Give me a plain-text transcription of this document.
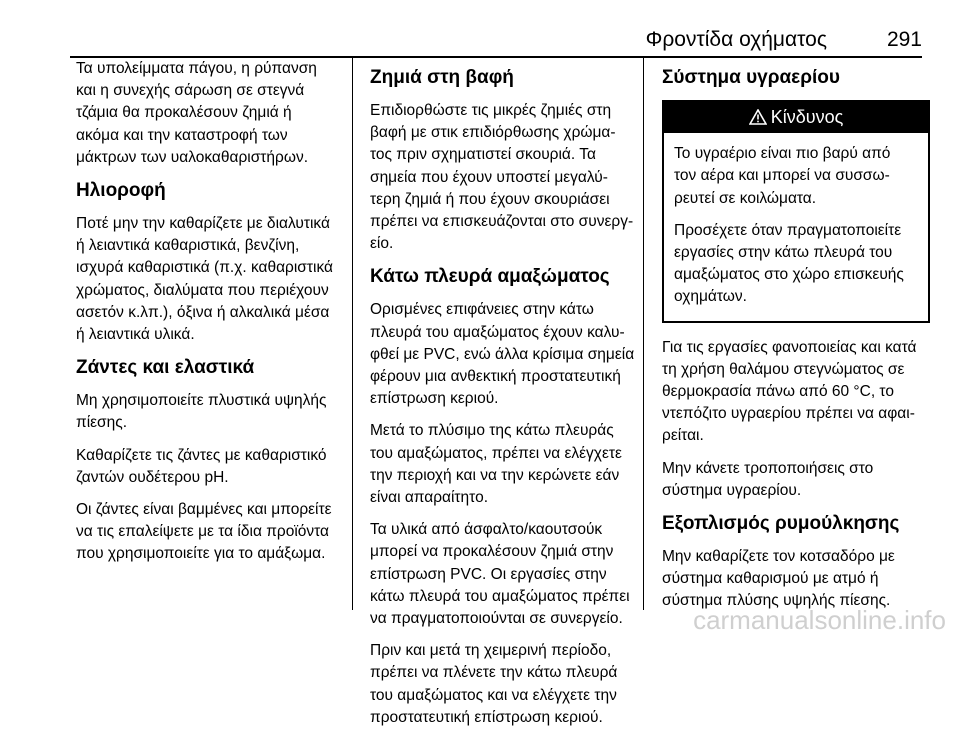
Φροντίδα οχήματος	291

Τα υπολείμματα πάγου, η ρύπανση
και η συνεχής σάρωση σε στεγνά
τζάμια θα προκαλέσουν ζημιά ή
ακόμα και την καταστροφή των
μάκτρων των υαλοκαθαριστήρων.

Ηλιοροφή

Ποτέ μην την καθαρίζετε με διαλυτικά
ή λειαντικά καθαριστικά, βενζίνη,
ισχυρά καθαριστικά (π.χ. καθαριστικά
χρώματος, διαλύματα που περιέχουν
ασετόν κ.λπ.), όξινα ή αλκαλικά μέσα
ή λειαντικά υλικά.

Ζάντες και ελαστικά

Μη χρησιμοποιείτε πλυστικά υψηλής
πίεσης.

Καθαρίζετε τις ζάντες με καθαριστικό
ζαντών ουδέτερου pH.

Οι ζάντες είναι βαμμένες και μπορείτε
να τις επαλείψετε με τα ίδια προϊόντα
που χρησιμοποιείτε για το αμάξωμα.

Ζημιά στη βαφή

Επιδιορθώστε τις μικρές ζημιές στη
βαφή με στικ επιδιόρθωσης χρώμα-
τος πριν σχηματιστεί σκουριά. Τα
σημεία που έχουν υποστεί μεγαλύ-
τερη ζημιά ή που έχουν σκουριάσει
πρέπει να επισκευάζονται στο συνεργ-
είο.

Κάτω πλευρά αμαξώματος

Ορισμένες επιφάνειες στην κάτω
πλευρά του αμαξώματος έχουν καλυ-
φθεί με PVC, ενώ άλλα κρίσιμα σημεία
φέρουν μια ανθεκτική προστατευτική
επίστρωση κεριού.

Μετά το πλύσιμο της κάτω πλευράς
του αμαξώματος, πρέπει να ελέγχετε
την περιοχή και να την κερώνετε εάν
είναι απαραίτητο.

Τα υλικά από άσφαλτο/καουτσούκ
μπορεί να προκαλέσουν ζημιά στην
επίστρωση PVC. Οι εργασίες στην
κάτω πλευρά του αμαξώματος πρέπει
να πραγματοποιούνται σε συνεργείο.

Πριν και μετά τη χειμερινή περίοδο,
πρέπει να πλένετε την κάτω πλευρά
του αμαξώματος και να ελέγχετε την
προστατευτική επίστρωση κεριού.

Σύστημα υγραερίου
Κίνδυνος

Το υγραέριο είναι πιο βαρύ από
τον αέρα και μπορεί να συσσω-
ρευτεί σε κοιλώματα.

Προσέχετε όταν πραγματοποιείτε
εργασίες στην κάτω πλευρά του
αμαξώματος στο χώρο επισκευής
οχημάτων.

Για τις εργασίες φανοποιείας και κατά
τη χρήση θαλάμου στεγνώματος σε
θερμοκρασία πάνω από 60 °C, το
ντεπόζιτο υγραερίου πρέπει να αφαι-
ρείται.

Μην κάνετε τροποποιήσεις στο
σύστημα υγραερίου.

Εξοπλισμός ρυμούλκησης

Μην καθαρίζετε τον κοτσαδόρο με
σύστημα καθαρισμού με ατμό ή
σύστημα πλύσης υψηλής πίεσης.

carmanualsonline.info
